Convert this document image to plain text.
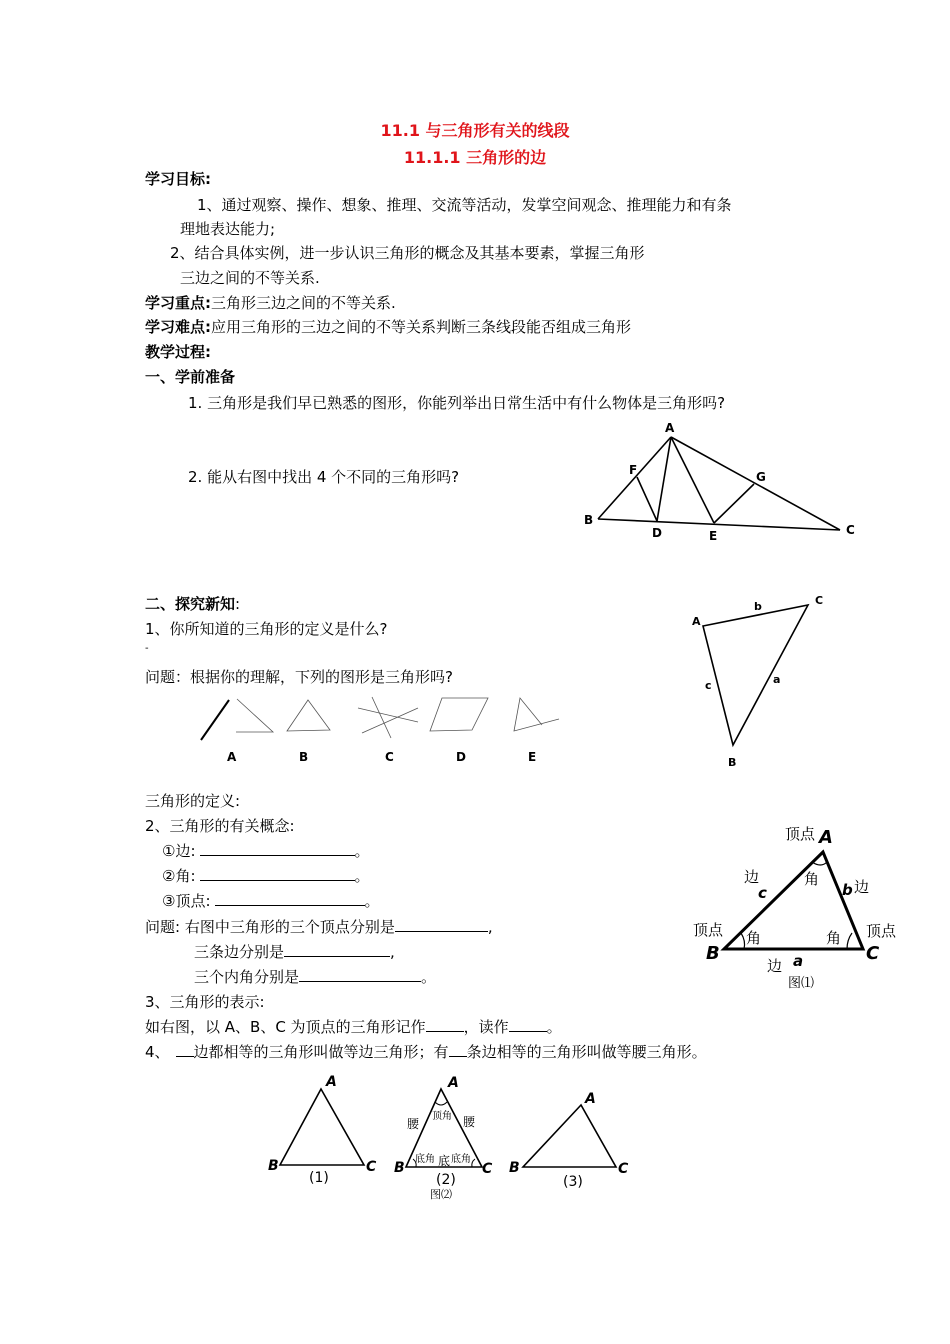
11.1 与三角形有关的线段
11.1.1 三角形的边
学习目标:
1、通过观察、操作、想象、推理、交流等活动，发掌空间观念、推理能力和有条
理地表达能力;
2、结合具体实例，进一步认识三角形的概念及其基本要素，掌握三角形
三边之间的不等关系.
学习重点:三角形三边之间的不等关系.
学习难点:应用三角形的三边之间的不等关系判断三条线段能否组成三角形
教学过程:
一、学前准备
1. 三角形是我们早已熟悉的图形，你能列举出日常生活中有什么物体是三角形吗?
2. 能从右图中找出 4 个不同的三角形吗?
A
B
C
D	E
F	G
二、探究新知:
1、你所知道的三角形的定义是什么?
-
问题：根据你的理解，下列的图形是三角形吗?
A	B	C	D	E
A
B
C
a
b
c
三角形的定义:
2、三角形的有关概念:
①边:	。
②角:	。
③顶点:	。
问题: 右图中三角形的三个顶点分别是	,
三条边分别是	,
三个内角分别是	。
顶点
顶点	顶点
边
边
边
角
角	角
A
B	C
c	b
a
图⑴
3、三角形的表示:
如右图，以 A、B、C 为顶点的三角形记作	，读作	。
4、 边都相等的三角形叫做等边三角形；有 条边相等的三角形叫做等腰三角形。
A
B	C
A
B	C
A
B	C
(1)	(2)	(3)
顶角
腰	腰
底
底角 底角
图⑵
